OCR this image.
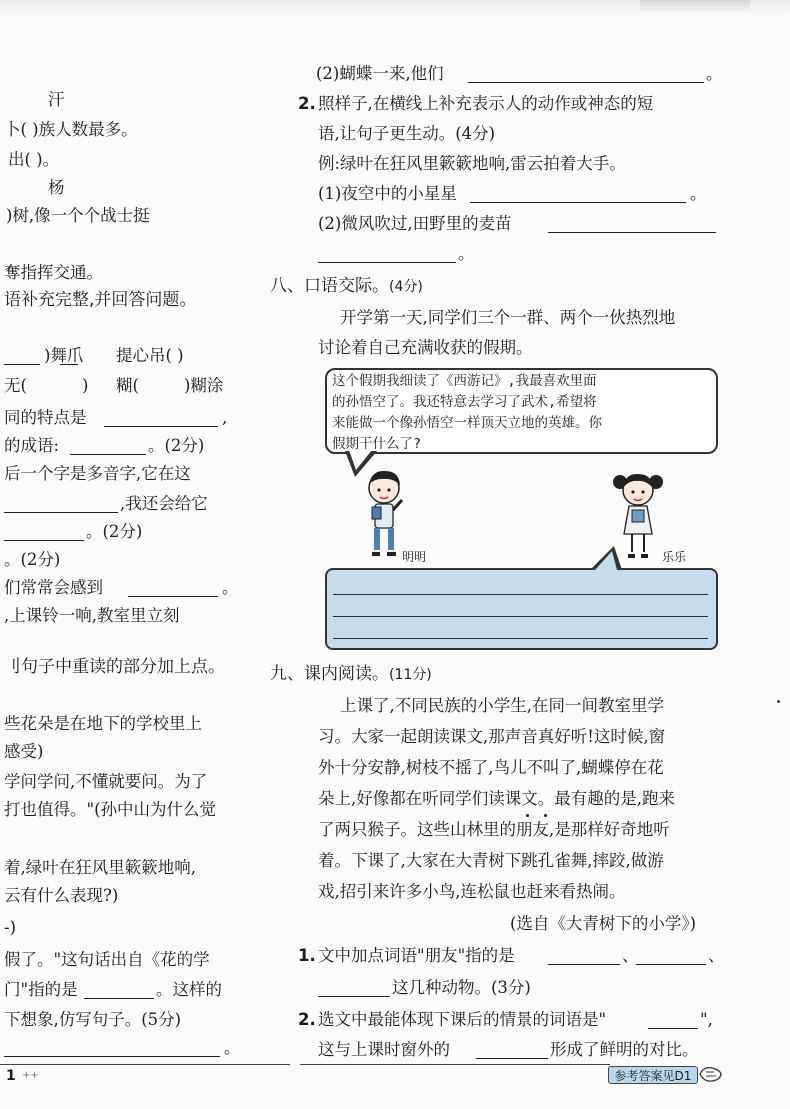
汗
卜( )族人数最多。
出( )。
杨
)树,像一个个战士挺
奪指挥交通。
语补充完整,并回答问题。
)舞爪 提心吊( )
无(	) 糊(	)糊涂
同的特点是	,
的成语:	。(2分)
后一个字是多音字,它在这
,我还会给它
。(2分)
。(2分)
们常常会感到	。
,上课铃一响,教室里立刻
刂句子中重读的部分加上点。
些花朵是在地下的学校里上
感受)
学问学问,不懂就要问。为了
打也值得。"(孙中山为什么觉
着,绿叶在狂风里簌簌地响,
云有什么表现?)
-)
假了。"这句话出自《花的学
门"指的是	。这样的
下想象,仿写句子。(5分)
。
(2)蝴蝶一来,他们	。
2. 照样子,在横线上补充表示人的动作或神态的短
语,让句子更生动。(4分)
例:绿叶在狂风里簌簌地响,雷云拍着大手。
(1)夜空中的小星星	。
(2)微风吹过,田野里的麦苗
。
八、口语交际。(4分)
开学第一天,同学们三个一群、两个一伙热烈地
讨论着自己充满收获的假期。
这个假期我细读了《西游记》,我最喜欢里面
的孙悟空了。我还特意去学习了武术,希望将
来能做一个像孙悟空一样顶天立地的英雄。你
假期干什么了?
明明	乐乐
九、课内阅读。(11分)
上课了,不同民族的小学生,在同一间教室里学
习。大家一起朗读课文,那声音真好听!这时候,窗
外十分安静,树枝不摇了,鸟儿不叫了,蝴蝶停在花
朵上,好像都在听同学们读课文。最有趣的是,跑来
了两只猴子。这些山林里的朋友,是那样好奇地听
着。下课了,大家在大青树下跳孔雀舞,摔跤,做游
戏,招引来许多小鸟,连松鼠也赶来看热闹。
(选自《大青树下的小学》)
1. 文中加点词语"朋友"指的是	、	、
这几种动物。(3分)
2. 选文中最能体现下课后的情景的词语是"	",
这与上课时窗外的	形成了鲜明的对比。
1 ++	参考答案见D1
